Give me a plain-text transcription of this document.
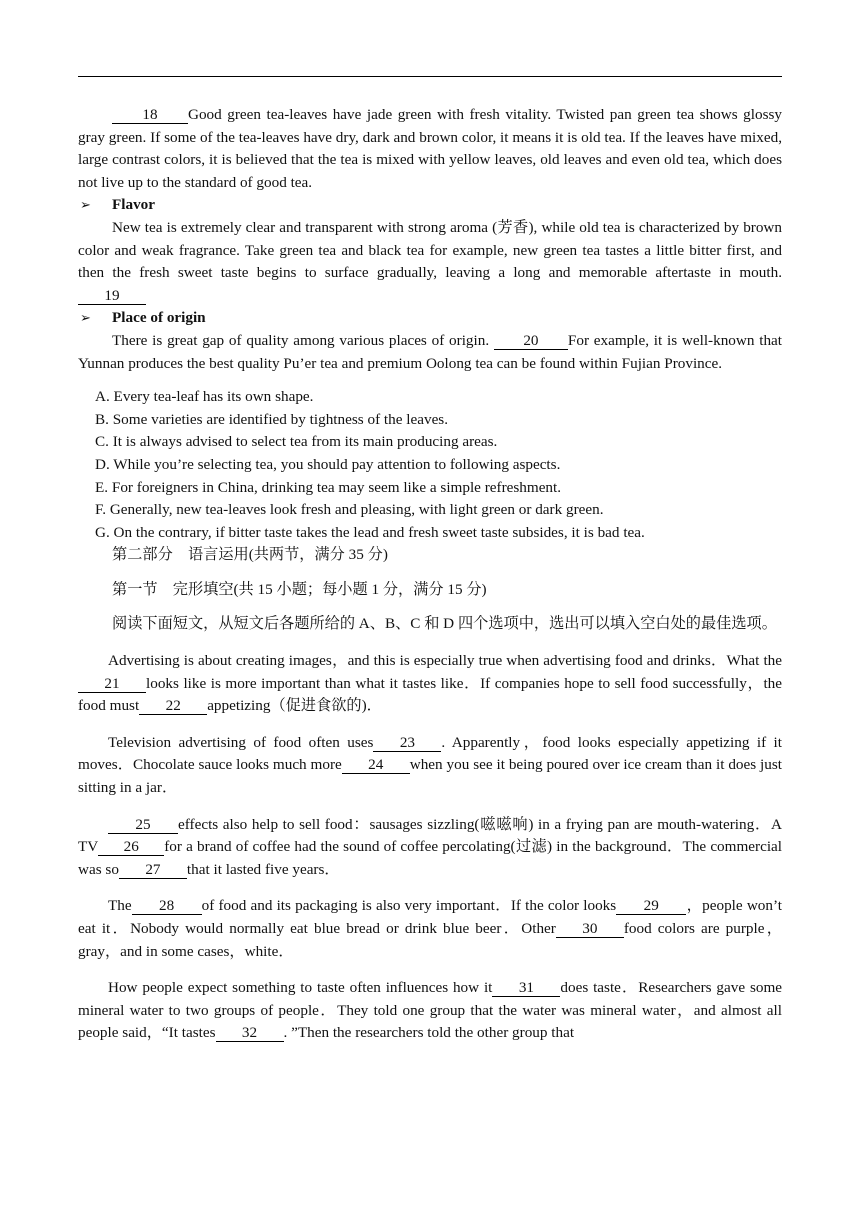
18 Good green tea-leaves have jade green with fresh vitality. Twisted pan green tea shows glossy gray green. If some of the tea-leaves have dry, dark and brown color, it means it is old tea. If the leaves have mixed, large contrast colors, it is believed that the tea is mixed with yellow leaves, old leaves and even old tea, which does not live up to the standard of good tea.

➢ Flavor

New tea is extremely clear and transparent with strong aroma (芳香), while old tea is characterized by brown color and weak fragrance. Take green tea and black tea for example, new green tea tastes a little bitter first, and then the fresh sweet taste begins to surface gradually, leaving a long and memorable aftertaste in mouth. 19

➢ Place of origin

There is great gap of quality among various places of origin. 20 For example, it is well-known that Yunnan produces the best quality Pu’er tea and premium Oolong tea can be found within Fujian Province.

A. Every tea-leaf has its own shape.
B. Some varieties are identified by tightness of the leaves.
C. It is always advised to select tea from its main producing areas.
D. While you’re selecting tea, you should pay attention to following aspects.
E. For foreigners in China, drinking tea may seem like a simple refreshment.
F. Generally, new tea-leaves look fresh and pleasing, with light green or dark green.
G. On the contrary, if bitter taste takes the lead and fresh sweet taste subsides, it is bad tea.
第二部分　语言运用(共两节，满分 35 分)
第一节　完形填空(共 15 小题；每小题 1 分，满分 15 分)

阅读下面短文，从短文后各题所给的 A、B、C 和 D 四个选项中，选出可以填入空白处的最佳选项。

Advertising is about creating images，and this is especially true when advertising food and drinks．What the21 looks like is more important than what it tastes like．If companies hope to sell food successfully，the food must 22 appetizing（促进食欲的)．

Television advertising of food often uses 23 . Apparently，food looks especially appetizing if it moves．Chocolate sauce looks much more 24 when you see it being poured over ice cream than it does just sitting in a jar．

25 effects also help to sell food：sausages sizzling(嗞嗞响) in a frying pan are mouth-watering．A TV 26 for a brand of coffee had the sound of coffee percolating(过滤) in the background．The commercial was so 27 that it lasted five years．

The 28 of food and its packaging is also very important．If the color looks 29 ，people won’t eat it．Nobody would normally eat blue bread or drink blue beer．Other 30 food colors are purple，gray，and in some cases，white．

How people expect something to taste often influences how it 31 does taste．Researchers gave some mineral water to two groups of people．They told one group that the water was mineral water，and almost all people said，“It tastes 32 . ”Then the researchers told the other group that
